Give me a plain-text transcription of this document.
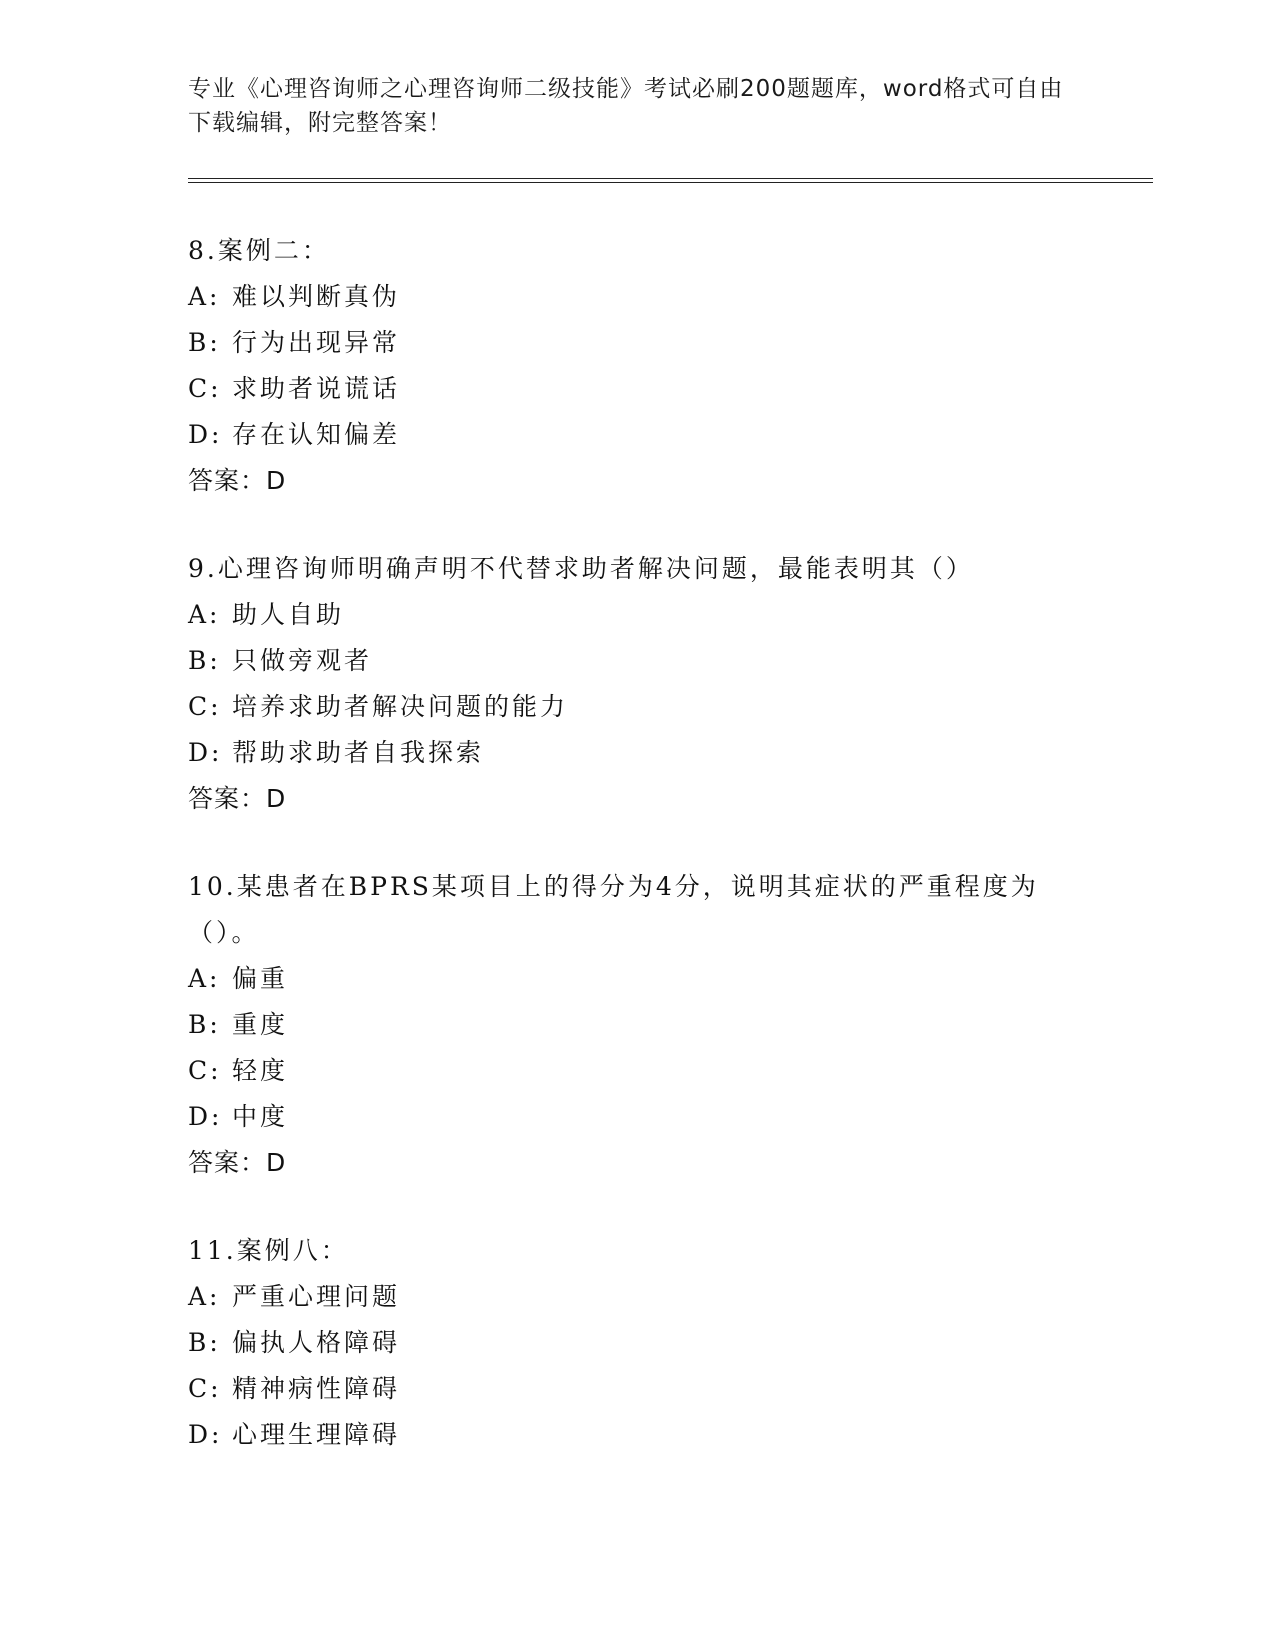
专业《心理咨询师之心理咨询师二级技能》考试必刷200题题库，word格式可自由下载编辑，附完整答案！
8.案例二：
A: 难以判断真伪
B: 行为出现异常
C: 求助者说谎话
D: 存在认知偏差
答案：D
9.心理咨询师明确声明不代替求助者解决问题，最能表明其（）
A: 助人自助
B: 只做旁观者
C: 培养求助者解决问题的能力
D: 帮助求助者自我探索
答案：D
10.某患者在BPRS某项目上的得分为4分，说明其症状的严重程度为（）。
A: 偏重
B: 重度
C: 轻度
D: 中度
答案：D
11.案例八：
A: 严重心理问题
B: 偏执人格障碍
C: 精神病性障碍
D: 心理生理障碍
